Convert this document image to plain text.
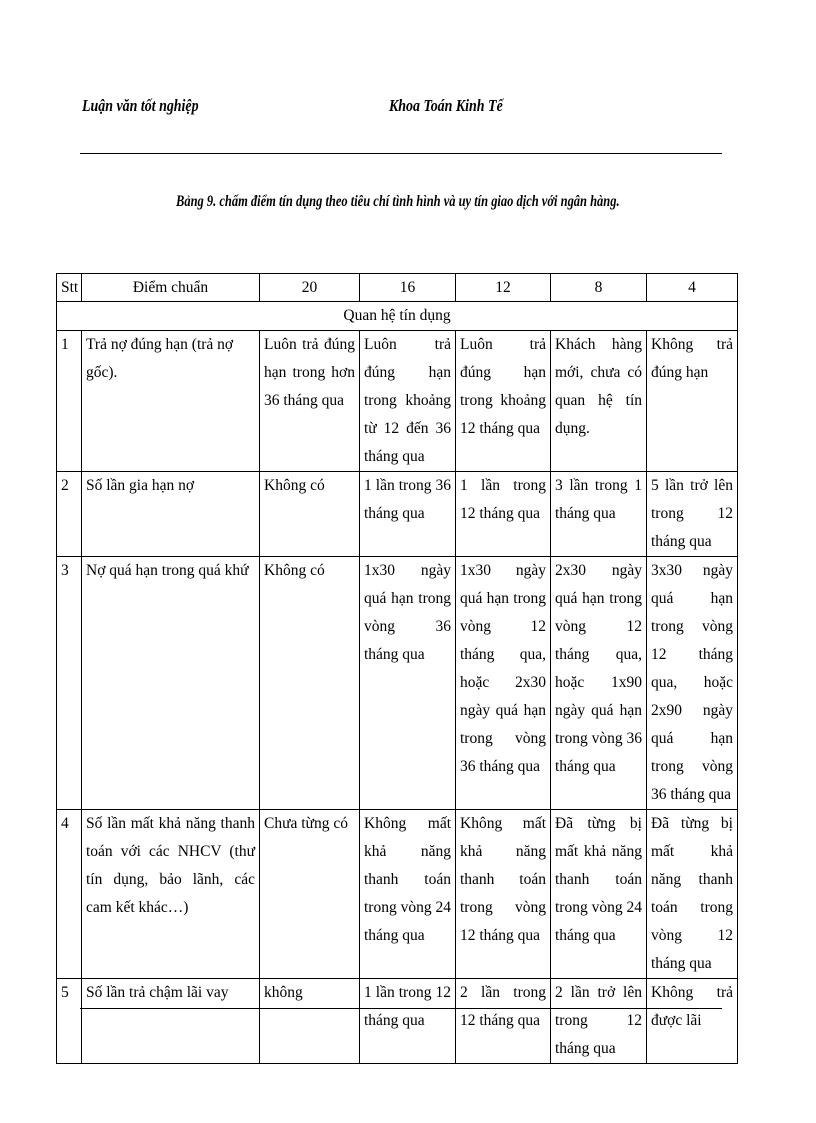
Luận văn tốt nghiệp	Khoa Toán Kinh Tế
Bảng 9. chấm điểm tín dụng theo tiêu chí tình hình và uy tín giao dịch với ngân hàng.
Stt	Điểm chuẩn	20	16	12	8	4
Quan hệ tín dụng						
1	Trả nợ đúng hạn (trả nợ gốc).	Luôn trả đúng hạn trong hơn 36 tháng qua	Luôn trả đúng hạn trong khoảng từ 12 đến 36 tháng qua	Luôn trả đúng hạn trong khoảng 12 tháng qua	Khách hàng mới, chưa có quan hệ tín dụng.	Không trả đúng hạn
2	Số lần gia hạn nợ	Không có	1 lần trong 36 tháng qua	1 lần trong 12 tháng qua	3 lần trong 1 tháng qua	5 lần trở lên trong 12 tháng qua
3	Nợ quá hạn trong quá khứ	Không có	1x30 ngày quá hạn trong vòng 36 tháng qua	1x30 ngày quá hạn trong vòng 12 tháng qua, hoặc 2x30 ngày quá hạn trong vòng 36 tháng qua	2x30 ngày quá hạn trong vòng 12 tháng qua, hoặc 1x90 ngày quá hạn trong vòng 36 tháng qua	3x30 ngày quá hạn trong vòng 12 tháng qua, hoặc 2x90 ngày quá hạn trong vòng 36 tháng qua
4	Số lần mất khả năng thanh toán với các NHCV (thư tín dụng, bảo lãnh, các cam kết khác…)	Chưa từng có	Không mất khả năng thanh toán trong vòng 24 tháng qua	Không mất khả năng thanh toán trong vòng 12 tháng qua	Đã từng bị mất khả năng thanh toán trong vòng 24 tháng qua	Đã từng bị mất khả năng thanh toán trong vòng 12 tháng qua
5	Số lần trả chậm lãi vay	không	1 lần trong 12 tháng qua	2 lần trong 12 tháng qua	2 lần trở lên trong 12 tháng qua	Không trả được lãi
